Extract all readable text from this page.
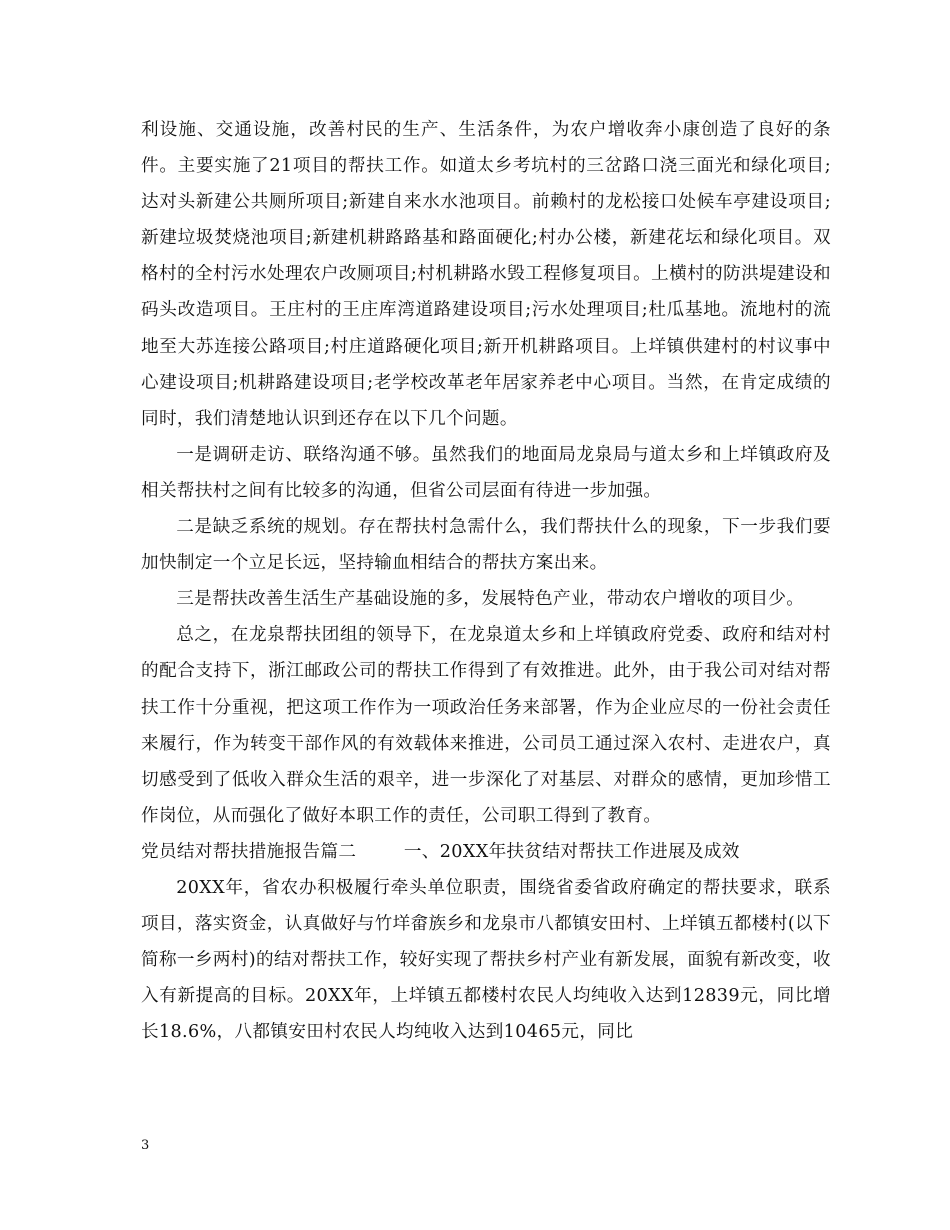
利设施、交通设施，改善村民的生产、生活条件，为农户增收奔小康创造了良好的条件。主要实施了21项目的帮扶工作。如道太乡考坑村的三岔路口浇三面光和绿化项目;达对头新建公共厕所项目;新建自来水水池项目。前赖村的龙松接口处候车亭建设项目;新建垃圾焚烧池项目;新建机耕路路基和路面硬化;村办公楼，新建花坛和绿化项目。双格村的全村污水处理农户改厕项目;村机耕路水毁工程修复项目。上横村的防洪堤建设和码头改造项目。王庄村的王庄库湾道路建设项目;污水处理项目;杜瓜基地。流地村的流地至大苏连接公路项目;村庄道路硬化项目;新开机耕路项目。上垟镇供建村的村议事中心建设项目;机耕路建设项目;老学校改革老年居家养老中心项目。当然，在肯定成绩的同时，我们清楚地认识到还存在以下几个问题。

一是调研走访、联络沟通不够。虽然我们的地面局龙泉局与道太乡和上垟镇政府及相关帮扶村之间有比较多的沟通，但省公司层面有待进一步加强。

二是缺乏系统的规划。存在帮扶村急需什么，我们帮扶什么的现象，下一步我们要加快制定一个立足长远，坚持输血相结合的帮扶方案出来。

三是帮扶改善生活生产基础设施的多，发展特色产业，带动农户增收的项目少。

总之，在龙泉帮扶团组的领导下，在龙泉道太乡和上垟镇政府党委、政府和结对村的配合支持下，浙江邮政公司的帮扶工作得到了有效推进。此外，由于我公司对结对帮扶工作十分重视，把这项工作作为一项政治任务来部署，作为企业应尽的一份社会责任来履行，作为转变干部作风的有效载体来推进，公司员工通过深入农村、走进农户，真切感受到了低收入群众生活的艰辛，进一步深化了对基层、对群众的感情，更加珍惜工作岗位，从而强化了做好本职工作的责任，公司职工得到了教育。

党员结对帮扶措施报告篇二        一、20XX年扶贫结对帮扶工作进展及成效

20XX年，省农办积极履行牵头单位职责，围绕省委省政府确定的帮扶要求，联系项目，落实资金，认真做好与竹垟畲族乡和龙泉市八都镇安田村、上垟镇五都楼村(以下简称一乡两村)的结对帮扶工作，较好实现了帮扶乡村产业有新发展，面貌有新改变，收入有新提高的目标。20XX年，上垟镇五都楼村农民人均纯收入达到12839元，同比增长18.6%，八都镇安田村农民人均纯收入达到10465元，同比

3
